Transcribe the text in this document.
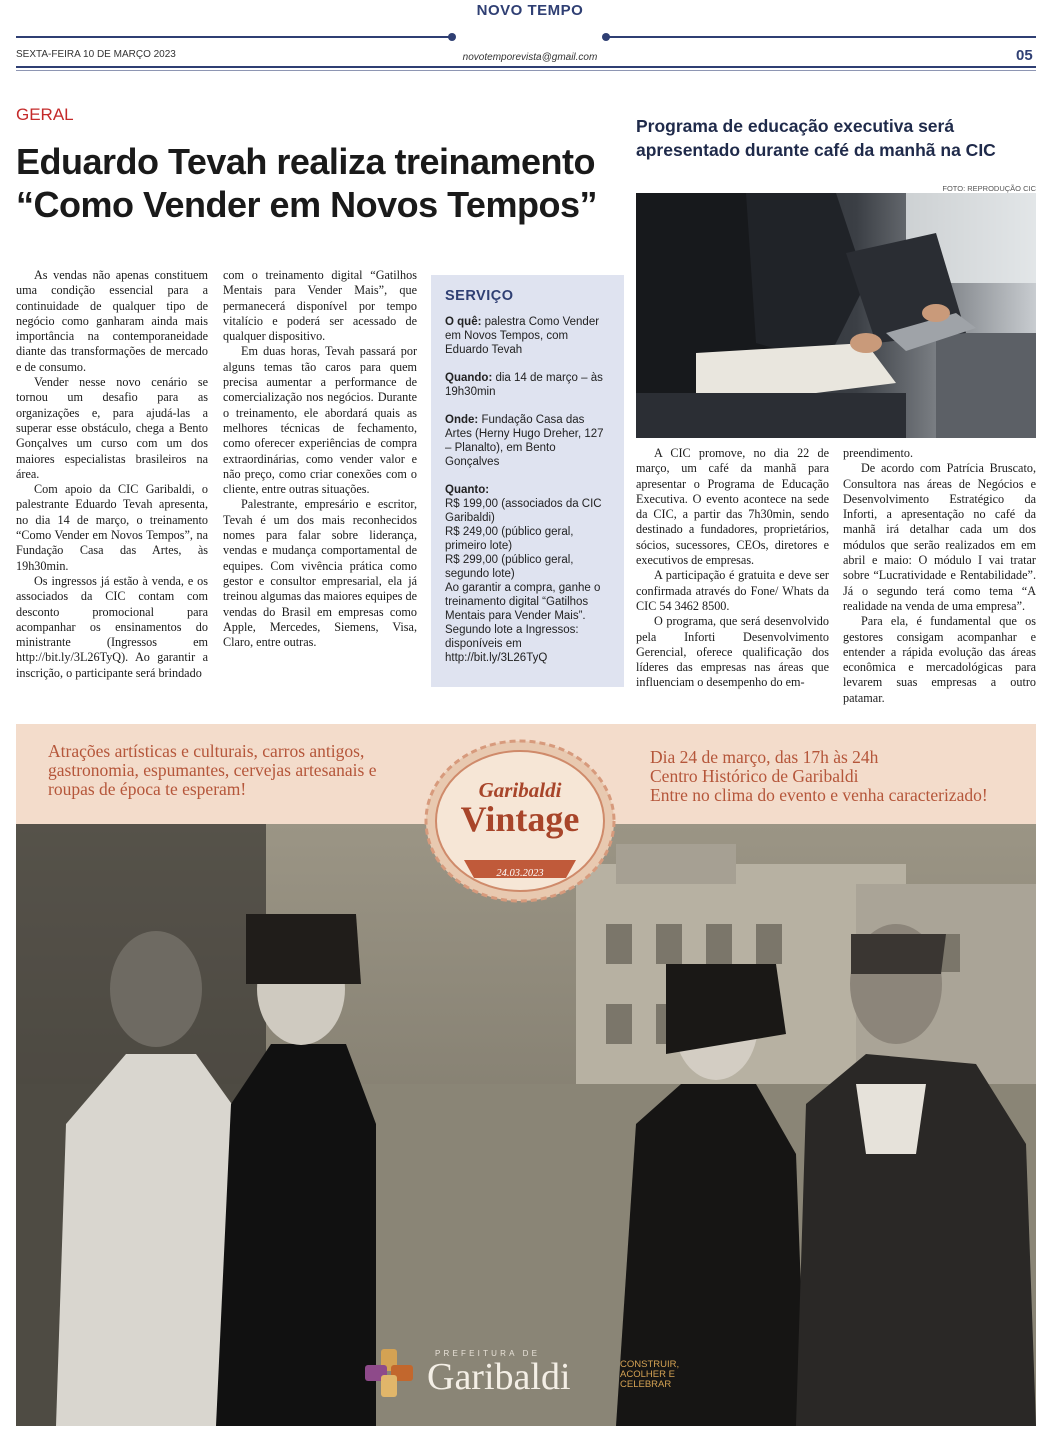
NOVO TEMPO
SEXTA-FEIRA 10 DE MARÇO 2023	novotemporevista@gmail.com	05
GERAL
Eduardo Tevah realiza treinamento
“Como Vender em Novos Tempos”

As vendas não apenas constituem uma condição essencial para a continuidade de qualquer tipo de negócio como ganharam ainda mais importância na contemporaneidade diante das transformações de mercado e de consumo.

Vender nesse novo cenário se tornou um desafio para as organizações e, para ajudá-las a superar esse obstáculo, chega a Bento Gonçalves um curso com um dos maiores especialistas brasileiros na área.

Com apoio da CIC Garibaldi, o palestrante Eduardo Tevah apresenta, no dia 14 de março, o treinamento “Como Vender em Novos Tempos”, na Fundação Casa das Artes, às 19h30min.

Os ingressos já estão à venda, e os associados da CIC contam com desconto promocional para acompanhar os ensinamentos do ministrante (Ingressos em http://bit.ly/3L26TyQ). Ao garantir a inscrição, o participante será brindado

com o treinamento digital “Gatilhos Mentais para Vender Mais”, que permanecerá disponível por tempo vitalício e poderá ser acessado de qualquer dispositivo.

Em duas horas, Tevah passará por alguns temas tão caros para quem precisa aumentar a performance de comercialização nos negócios. Durante o treinamento, ele abordará quais as melhores técnicas de fechamento, como oferecer experiências de compra extraordinárias, como vender valor e não preço, como criar conexões com o cliente, entre outras situações.

Palestrante, empresário e escritor, Tevah é um dos mais reconhecidos nomes para falar sobre liderança, vendas e mudança comportamental de equipes. Com vivência prática como gestor e consultor empresarial, ela já treinou algumas das maiores equipes de vendas do Brasil em empresas como Apple, Mercedes, Siemens, Visa, Claro, entre outras.

SERVIÇO
O quê: palestra Como Vender em Novos Tempos, com Eduardo Tevah
Quando: dia 14 de março – às 19h30min
Onde: Fundação Casa das Artes (Herny Hugo Dreher, 127 – Planalto), em Bento Gonçalves
Quanto:
R$ 199,00 (associados da CIC Garibaldi)
R$ 249,00 (público geral, primeiro lote)
R$ 299,00 (público geral, segundo lote)
Ao garantir a compra, ganhe o treinamento digital “Gatilhos Mentais para Vender Mais”. Segundo lote a Ingressos: disponíveis em http://bit.ly/3L26TyQ
Programa de educação executiva será apresentado durante café da manhã na CIC
FOTO: REPRODUÇÃO CIC

A CIC promove, no dia 22 de março, um café da manhã para apresentar o Programa de Educação Executiva. O evento acontece na sede da CIC, a partir das 7h30min, sendo destinado a fundadores, proprietários, sócios, sucessores, CEOs, diretores e executivos de empresas.

A participação é gratuita e deve ser confirmada através do Fone/ Whats da CIC 54 3462 8500.

O programa, que será desenvolvido pela Inforti Desenvolvimento Gerencial, oferece qualificação dos líderes das empresas nas áreas que influenciam o desempenho do em-

preendimento.

De acordo com Patrícia Bruscato, Consultora nas áreas de Negócios e Desenvolvimento Estratégico da Inforti, a apresentação no café da manhã irá detalhar cada um dos módulos que serão realizados em em abril e maio: O módulo I vai tratar sobre “Lucratividade e Rentabilidade”. Já o segundo terá como tema “A realidade na venda de uma empresa”.

Para ela, é fundamental que os gestores consigam acompanhar e entender a rápida evolução das áreas econômica e mercadológicas para levarem suas empresas a outro patamar.

Atrações artísticas e culturais, carros antigos, gastronomia, espumantes, cervejas artesanais e roupas de época te esperam!
Dia 24 de março, das 17h às 24h
Centro Histórico de Garibaldi
Entre no clima do evento e venha caracterizado!
Garibaldi
Vintage
24.03.2023
PREFEITURA DE
Garibaldi	CONSTRUIR,
ACOLHER E
CELEBRAR
